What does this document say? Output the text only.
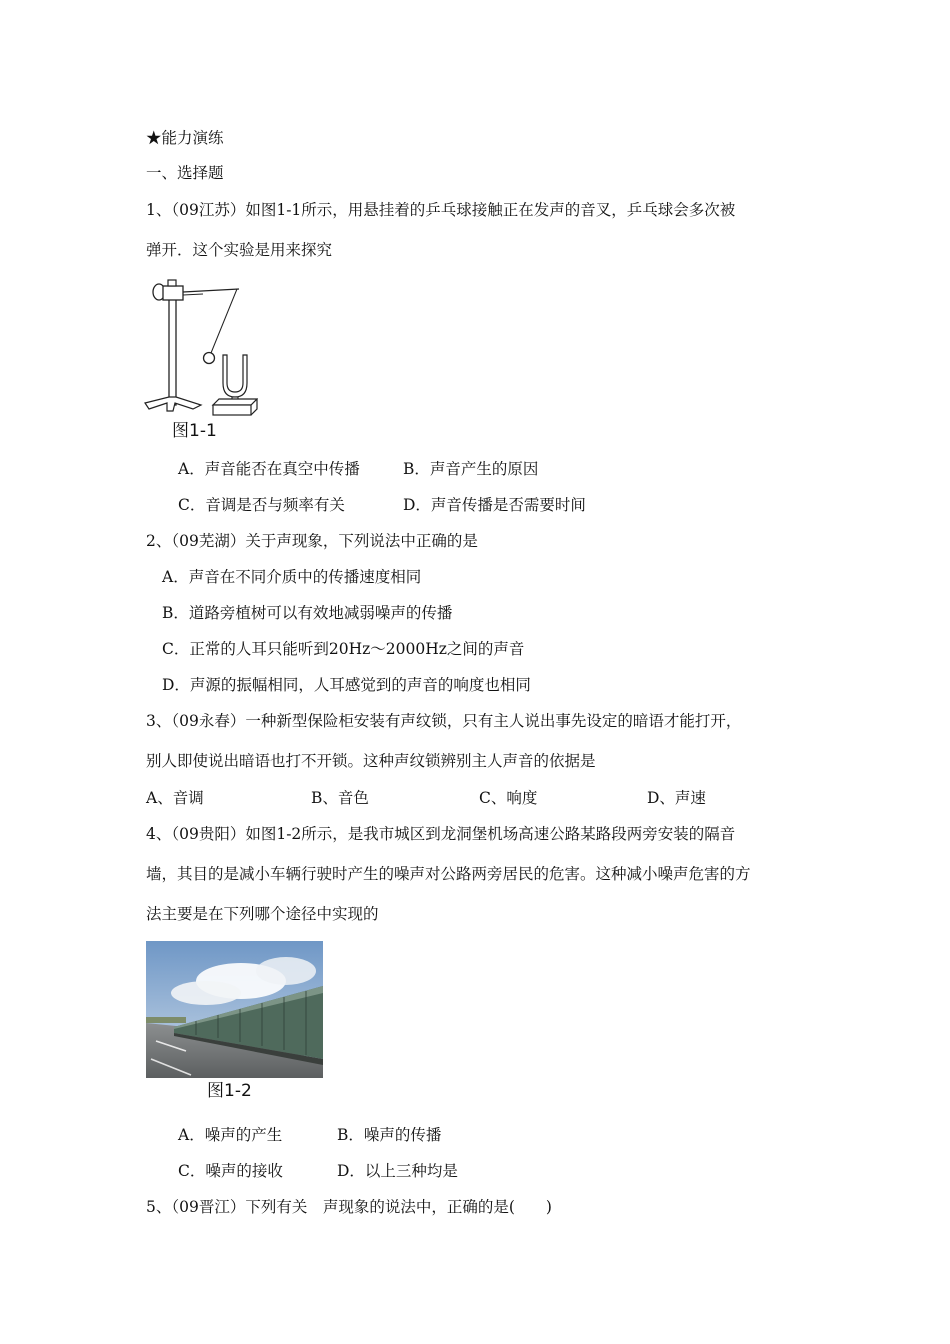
★能力演练
一、选择题
1、（09江苏）如图1-1所示，用悬挂着的乒乓球接触正在发声的音叉，乒乓球会多次被
弹开．这个实验是用来探究
图1-1
A．声音能否在真空中传播	B．声音产生的原因
C．音调是否与频率有关	D．声音传播是否需要时间
2、（09芜湖）关于声现象，下列说法中正确的是
A．声音在不同介质中的传播速度相同
B．道路旁植树可以有效地减弱噪声的传播
C．正常的人耳只能听到20Hz～2000Hz之间的声音
D．声源的振幅相同，人耳感觉到的声音的响度也相同
3、（09永春）一种新型保险柜安装有声纹锁，只有主人说出事先设定的暗语才能打开，
别人即使说出暗语也打不开锁。这种声纹锁辨别主人声音的依据是
A、音调	B、音色	C、响度	D、声速
4、（09贵阳）如图1-2所示，是我市城区到龙洞堡机场高速公路某路段两旁安装的隔音
墙，其目的是减小车辆行驶时产生的噪声对公路两旁居民的危害。这种减小噪声危害的方
法主要是在下列哪个途径中实现的
图1-2
A．噪声的产生	B．噪声的传播
C．噪声的接收	D．以上三种均是
5、（09晋江）下列有关　声现象的说法中，正确的是(　　)
